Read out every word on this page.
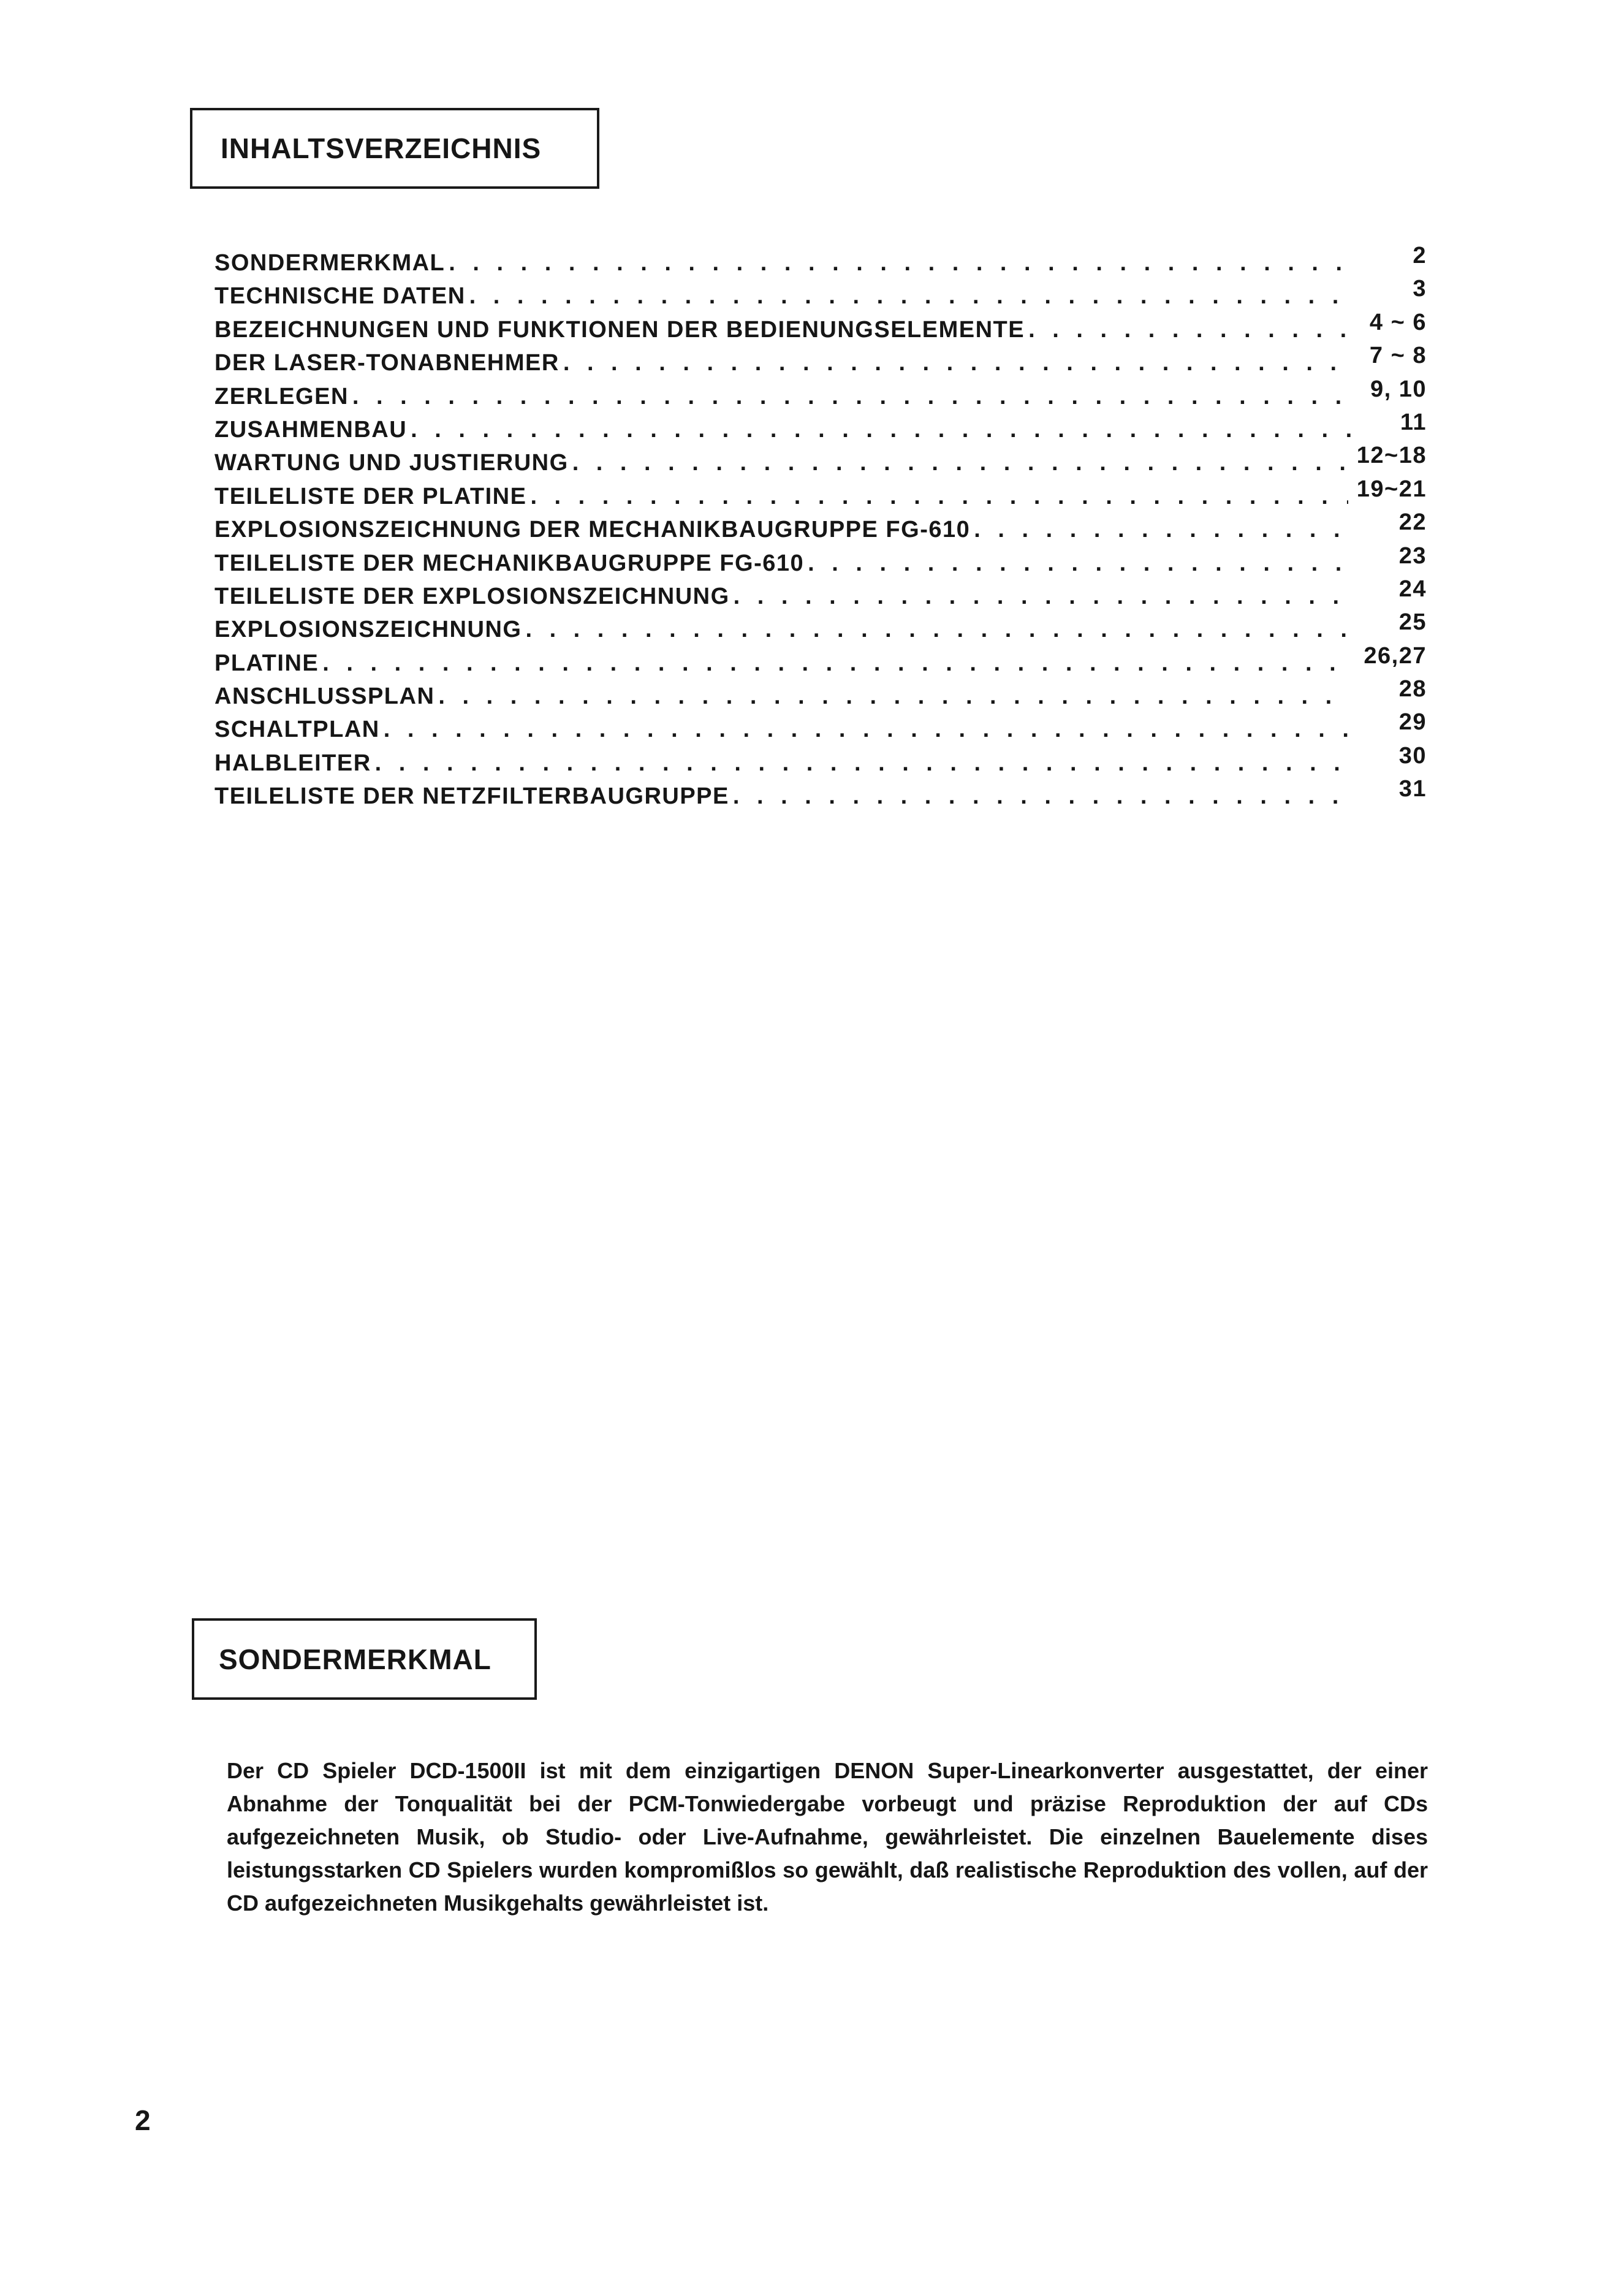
INHALTSVERZEICHNIS
SONDERMERKMAL . . .	2
TECHNISCHE DATEN . . .	3
BEZEICHNUNGEN UND FUNKTIONEN DER BEDIENUNGSELEMENTE . . .	4 ~ 6
DER LASER-TONABNEHMER . . .	7 ~ 8
ZERLEGEN . . .	9, 10
ZUSAHMENBAU . . .	11
WARTUNG UND JUSTIERUNG . . .	12~18
TEILELISTE DER PLATINE . . .	19~21
EXPLOSIONSZEICHNUNG DER MECHANIKBAUGRUPPE FG-610 . . .	22
TEILELISTE DER MECHANIKBAUGRUPPE FG-610 . . .	23
TEILELISTE DER EXPLOSIONSZEICHNUNG . . .	24
EXPLOSIONSZEICHNUNG . . .	25
PLATINE . . .	26,27
ANSCHLUSSPLAN . . .	28
SCHALTPLAN . . .	29
HALBLEITER . . .	30
TEILELISTE DER NETZFILTERBAUGRUPPE . . .	31
SONDERMERKMAL
Der CD Spieler DCD-1500II ist mit dem einzigartigen DENON Super-Linearkonverter ausgestattet, der einer Abnahme der Tonqualität bei der PCM-Tonwiedergabe vorbeugt und präzise Reproduktion der auf CDs aufgezeichneten Musik, ob Studio- oder Live-Aufnahme, gewährleistet. Die einzelnen Bauelemente dises leistungsstarken CD Spielers wurden kompromißlos so gewählt, daß realistische Reproduktion des vollen, auf der CD aufgezeichneten Musikgehalts gewährleistet ist.
2
